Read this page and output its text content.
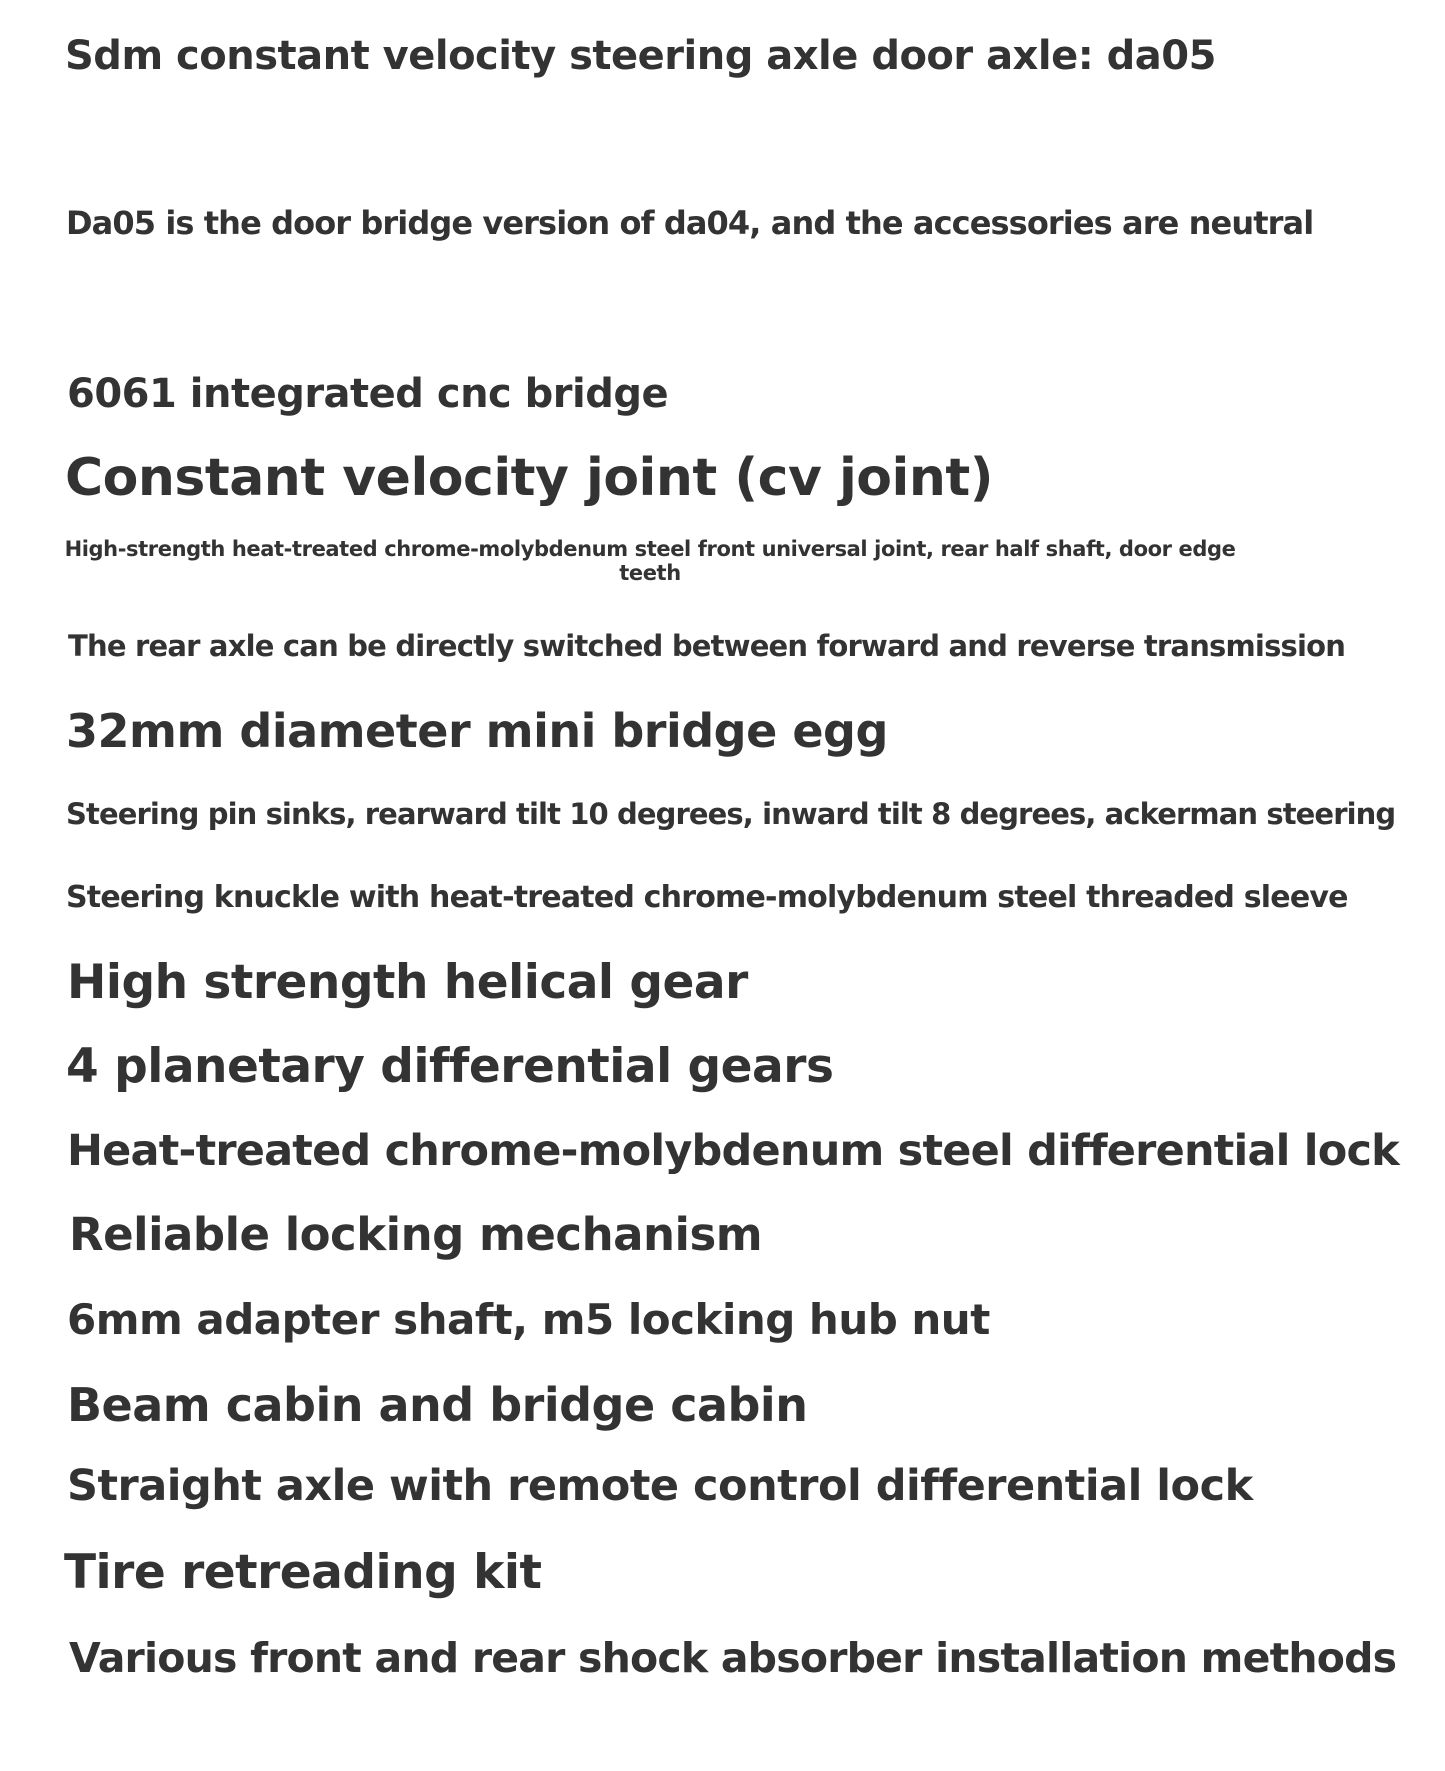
Sdm constant velocity steering axle door axle: da05

Da05 is the door bridge version of da04, and the accessories are neutral

6061 integrated cnc bridge

Constant velocity joint (cv joint)

High-strength heat-treated chrome-molybdenum steel front universal joint, rear half shaft, door edge teeth

The rear axle can be directly switched between forward and reverse transmission

32mm diameter mini bridge egg

Steering pin sinks, rearward tilt 10 degrees, inward tilt 8 degrees, ackerman steering

Steering knuckle with heat-treated chrome-molybdenum steel threaded sleeve

High strength helical gear

4 planetary differential gears

Heat-treated chrome-molybdenum steel differential lock

Reliable locking mechanism

6mm adapter shaft, m5 locking hub nut

Beam cabin and bridge cabin

Straight axle with remote control differential lock

Tire retreading kit

Various front and rear shock absorber installation methods
